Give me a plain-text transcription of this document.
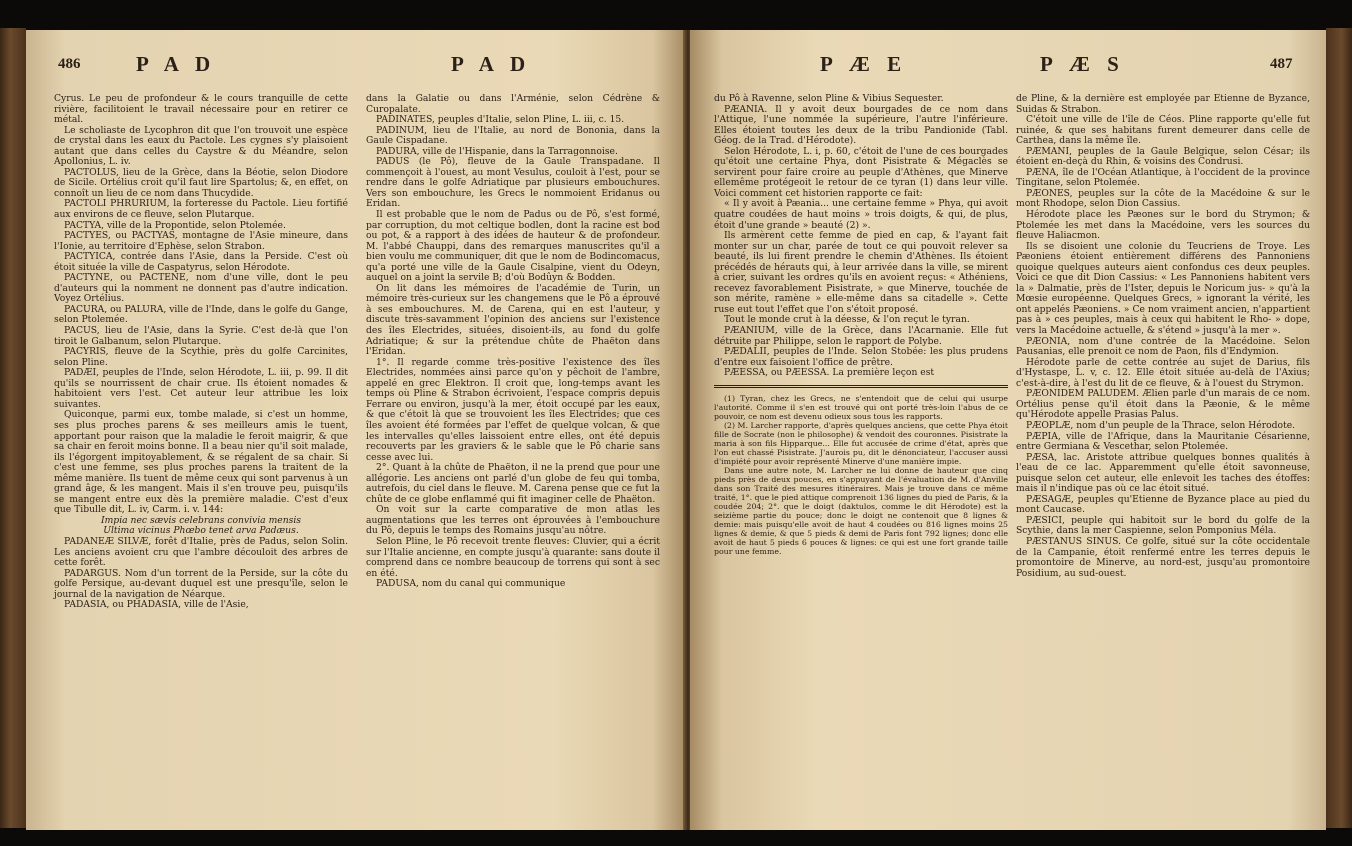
486	P A D	P A D

Cyrus. Le peu de profondeur & le cours tranquille de cette rivière, facilitoient le travail nécessaire pour en retirer ce métal.

Le scholiaste de Lycophron dit que l'on trouvoit une espèce de crystal dans les eaux du Pactole. Les cygnes s'y plaisoient autant que dans celles du Caystre & du Méandre, selon Apollonius, L. iv.

PACTOLUS, lieu de la Grèce, dans la Béotie, selon Diodore de Sicile. Ortélius croit qu'il faut lire Spartolus; &, en effet, on connoît un lieu de ce nom dans Thucydide.

PACTOLI PHRURIUM, la forteresse du Pactole. Lieu fortifié aux environs de ce fleuve, selon Plutarque.

PACTYA, ville de la Propontide, selon Ptolemée.

PACTYES, ou PACTYAS, montagne de l'Asie mineure, dans l'Ionie, au territoire d'Ephèse, selon Strabon.

PACTYICA, contrée dans l'Asie, dans la Perside. C'est où étoit située la ville de Caspatyrus, selon Hérodote.

PACTYNE, ou PACTENE, nom d'une ville, dont le peu d'auteurs qui la nomment ne donnent pas d'autre indication. Voyez Ortélius.

PACURA, ou PALURA, ville de l'Inde, dans le golfe du Gange, selon Ptolemée.

PACUS, lieu de l'Asie, dans la Syrie. C'est de-là que l'on tiroit le Galbanum, selon Plutarque.

PACYRIS, fleuve de la Scythie, près du golfe Carcinites, selon Pline.

PADÆI, peuples de l'Inde, selon Hérodote, L. iii, p. 99. Il dit qu'ils se nourrissent de chair crue. Ils étoient nomades & habitoient vers l'est. Cet auteur leur attribue les loix suivantes.

Quiconque, parmi eux, tombe malade, si c'est un homme, ses plus proches parens & ses meilleurs amis le tuent, apportant pour raison que la maladie le feroit maigrir, & que sa chair en feroit moins bonne. Il a beau nier qu'il soit malade, ils l'égorgent impitoyablement, & se régalent de sa chair. Si c'est une femme, ses plus proches parens la traitent de la même manière. Ils tuent de même ceux qui sont parvenus à un grand âge, & les mangent. Mais il s'en trouve peu, puisqu'ils se mangent entre eux dès la première maladie. C'est d'eux que Tibulle dit, L. iv, Carm. i. v. 144:

Impia nec sævis celebrans convivia mensis

Ultima vicinus Phœbo tenet arva Padæus.

PADANEÆ SILVÆ, forêt d'Italie, près de Padus, selon Solin. Les anciens avoient cru que l'ambre découloit des arbres de cette forêt.

PADARGUS. Nom d'un torrent de la Perside, sur la côte du golfe Persique, au-devant duquel est une presqu'île, selon le journal de la navigation de Néarque.

PADASIA, ou PHADASIA, ville de l'Asie,

dans la Galatie ou dans l'Arménie, selon Cédrène & Curopalate.

PADINATES, peuples d'Italie, selon Pline, L. iii, c. 15.

PADINUM, lieu de l'Italie, au nord de Bononia, dans la Gaule Cispadane.

PADURA, ville de l'Hispanie, dans la Tarragonnoise.

PADUS (le Pô), fleuve de la Gaule Transpadane. Il commençoit à l'ouest, au mont Vesulus, couloit à l'est, pour se rendre dans le golfe Adriatique par plusieurs embouchures. Vers son embouchure, les Grecs le nommoient Eridanus ou Eridan.

Il est probable que le nom de Padus ou de Pô, s'est formé, par corruption, du mot celtique bodlen, dont la racine est bod ou pot, & a rapport à des idées de hauteur & de profondeur. M. l'abbé Chauppi, dans des remarques manuscrites qu'il a bien voulu me communiquer, dit que le nom de Bodincomacus, qu'a porté une ville de la Gaule Cisalpine, vient du Odeyn, auquel on a joint la servile B; d'où Bodûyn & Bodden.

On lit dans les mémoires de l'académie de Turin, un mémoire très-curieux sur les changemens que le Pô a éprouvé à ses embouchures. M. de Carena, qui en est l'auteur, y discute très-savamment l'opinion des anciens sur l'existence des îles Electrides, situées, disoient-ils, au fond du golfe Adriatique; & sur la prétendue chûte de Phaëton dans l'Eridan.

1°. Il regarde comme très-positive l'existence des îles Electrides, nommées ainsi parce qu'on y pêchoit de l'ambre, appelé en grec Elektron. Il croit que, long-temps avant les temps où Pline & Strabon écrivoient, l'espace compris depuis Ferrare ou environ, jusqu'à la mer, étoit occupé par les eaux, & que c'étoit là que se trouvoient les îles Electrides; que ces îles avoient été formées par l'effet de quelque volcan, & que les intervalles qu'elles laissoient entre elles, ont été depuis recouverts par les graviers & le sable que le Pô charie sans cesse avec lui.

2°. Quant à la chûte de Phaëton, il ne la prend que pour une allégorie. Les anciens ont parlé d'un globe de feu qui tomba, autrefois, du ciel dans le fleuve. M. Carena pense que ce fut la chûte de ce globe enflammé qui fit imaginer celle de Phaëton.

On voit sur la carte comparative de mon atlas les augmentations que les terres ont éprouvées à l'embouchure du Pô, depuis le temps des Romains jusqu'au nôtre.

Selon Pline, le Pô recevoit trente fleuves: Cluvier, qui a écrit sur l'Italie ancienne, en compte jusqu'à quarante: sans doute il comprend dans ce nombre beaucoup de torrens qui sont à sec en été.

PADUSA, nom du canal qui communique

P Æ E	P Æ S	487

du Pô à Ravenne, selon Pline & Vibius Sequester.

PÆANIA. Il y avoit deux bourgades de ce nom dans l'Attique, l'une nommée la supérieure, l'autre l'inférieure. Elles étoient toutes les deux de la tribu Pandionide (Tabl. Géog. de la Trad. d'Hérodote).

Selon Hérodote, L. i, p. 60, c'étoit de l'une de ces bourgades qu'étoit une certaine Phya, dont Pisistrate & Mégaclès se servirent pour faire croire au peuple d'Athènes, que Minerve ellemême protégeoit le retour de ce tyran (1) dans leur ville. Voici comment cet historien rapporte ce fait:

« Il y avoit à Pæania... une certaine femme » Phya, qui avoit quatre coudées de haut moins » trois doigts, & qui, de plus, étoit d'une grande » beauté (2) ».

Ils armèrent cette femme de pied en cap, & l'ayant fait monter sur un char, parée de tout ce qui pouvoit relever sa beauté, ils lui firent prendre le chemin d'Athènes. Ils étoient précédés de hérauts qui, à leur arrivée dans la ville, se mirent à crier, suivant les ordres qu'ils en avoient reçus: « Athéniens, recevez favorablement Pisistrate, » que Minerve, touchée de son mérite, ramène » elle-même dans sa citadelle ». Cette ruse eut tout l'effet que l'on s'étoit proposé.

Tout le monde crut à la déesse, & l'on reçut le tyran.

PÆANIUM, ville de la Grèce, dans l'Acarnanie. Elle fut détruite par Philippe, selon le rapport de Polybe.

PÆDALII, peuples de l'Inde. Selon Stobée: les plus prudens d'entre eux faisoient l'office de prêtre.

PÆESSA, ou PÆESSA. La première leçon est

(1) Tyran, chez les Grecs, ne s'entendoit que de celui qui usurpe l'autorité. Comme il s'en est trouvé qui ont porté très-loin l'abus de ce pouvoir, ce nom est devenu odieux sous tous les rapports.

(2) M. Larcher rapporte, d'après quelques anciens, que cette Phya étoit fille de Socrate (non le philosophe) & vendoit des couronnes. Pisistrate la maria à son fils Hipparque... Elle fut accusée de crime d'état, après que l'on eut chassé Pisistrate. J'aurois pu, dit le dénonciateur, l'accuser aussi d'impiété pour avoir représenté Minerve d'une manière impie.

Dans une autre note, M. Larcher ne lui donne de hauteur que cinq pieds près de deux pouces, en s'appuyant de l'évaluation de M. d'Anville dans son Traité des mesures itinéraires. Mais je trouve dans ce même traité, 1°. que le pied attique comprenoit 136 lignes du pied de Paris, & la coudée 204; 2°. que le doigt (daktulos, comme le dit Hérodote) est la seizième partie du pouce; donc le doigt ne contenoit que 8 lignes & demie: mais puisqu'elle avoit de haut 4 coudées ou 816 lignes moins 25 lignes & demie, & que 5 pieds & demi de Paris font 792 lignes; donc elle avoit de haut 5 pieds 6 pouces & lignes: ce qui est une fort grande taille pour une femme.

de Pline, & la dernière est employée par Etienne de Byzance, Suidas & Strabon.

C'étoit une ville de l'île de Céos. Pline rapporte qu'elle fut ruinée, & que ses habitans furent demeurer dans celle de Carthea, dans la même île.

PÆMANI, peuples de la Gaule Belgique, selon César; ils étoient en-deçà du Rhin, & voisins des Condrusi.

PÆNA, île de l'Océan Atlantique, à l'occident de la province Tingitane, selon Ptolemée.

PÆONES, peuples sur la côte de la Macédoine & sur le mont Rhodope, selon Dion Cassius.

Hérodote place les Pæones sur le bord du Strymon; & Ptolemée les met dans la Macédoine, vers les sources du fleuve Haliacmon.

Ils se disoient une colonie du Teucriens de Troye. Les Pæoniens étoient entièrement différens des Pannoniens quoique quelques auteurs aient confondus ces deux peuples. Voici ce que dit Dion Cassius: « Les Pannoniens habitent vers la » Dalmatie, près de l'Ister, depuis le Noricum jus- » qu'à la Mœsie européenne. Quelques Grecs, » ignorant la vérité, les ont appelés Pæoniens. » Ce nom vraiment ancien, n'appartient pas à » ces peuples, mais à ceux qui habitent le Rho- » dope, vers la Macédoine actuelle, & s'étend » jusqu'à la mer ».

PÆONIA, nom d'une contrée de la Macédoine. Selon Pausanias, elle prenoit ce nom de Paon, fils d'Endymion.

Hérodote parle de cette contrée au sujet de Darius, fils d'Hystaspe, L. v, c. 12. Elle étoit située au-delà de l'Axius; c'est-à-dire, à l'est du lit de ce fleuve, & à l'ouest du Strymon.

PÆONIDEM PALUDEM. Ælien parle d'un marais de ce nom. Ortélius pense qu'il étoit dans la Pæonie, & le même qu'Hérodote appelle Prasias Palus.

PÆOPLÆ, nom d'un peuple de la Thrace, selon Hérodote.

PÆPIA, ville de l'Afrique, dans la Mauritanie Césarienne, entre Germiana & Vescethar, selon Ptolemée.

PÆSA, lac. Aristote attribue quelques bonnes qualités à l'eau de ce lac. Apparemment qu'elle étoit savonneuse, puisque selon cet auteur, elle enlevoit les taches des étoffes: mais il n'indique pas où ce lac étoit situé.

PÆSAGÆ, peuples qu'Etienne de Byzance place au pied du mont Caucase.

PÆSICI, peuple qui habitoit sur le bord du golfe de la Scythie, dans la mer Caspienne, selon Pomponius Méla.

PÆSTANUS SINUS. Ce golfe, situé sur la côte occidentale de la Campanie, étoit renfermé entre les terres depuis le promontoire de Minerve, au nord-est, jusqu'au promontoire Posidium, au sud-ouest.
